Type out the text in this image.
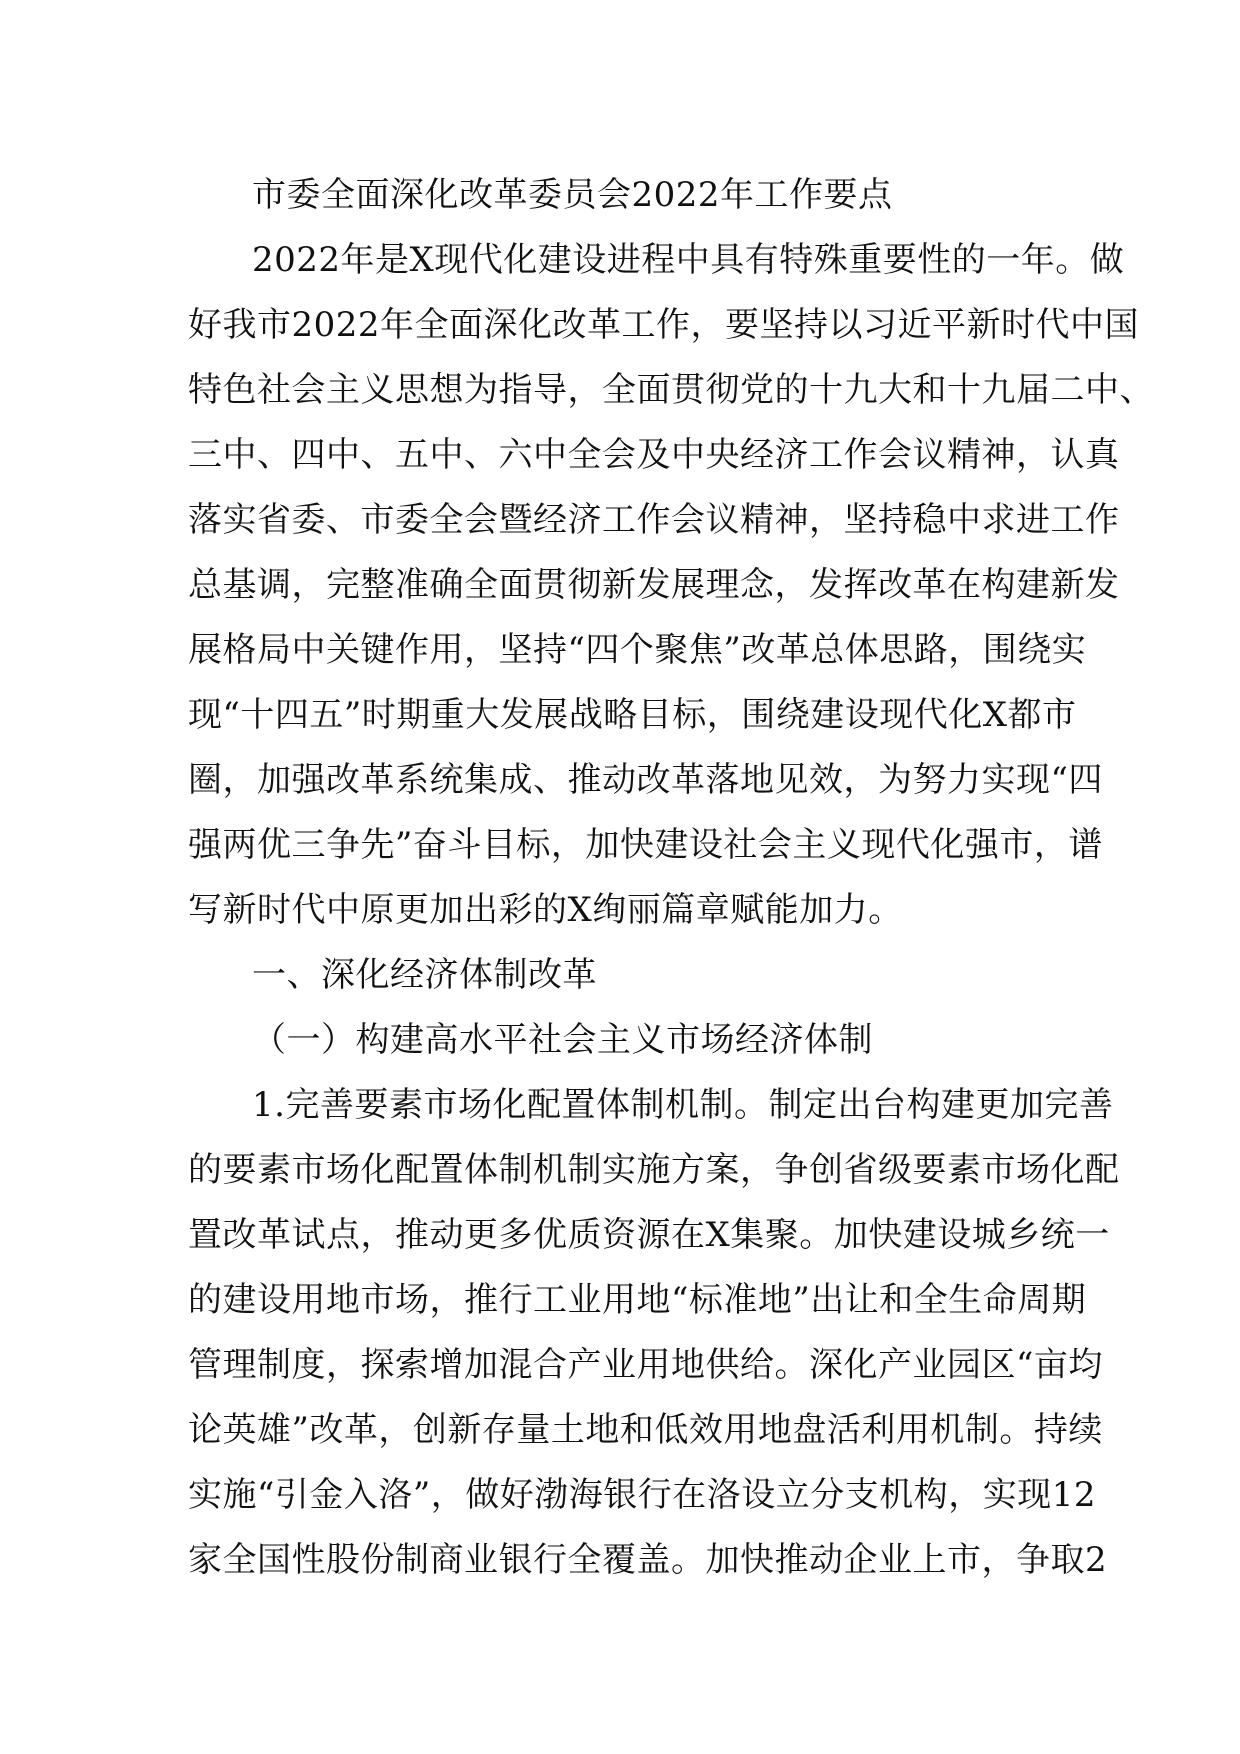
市委全面深化改革委员会2022年工作要点
2022年是X现代化建设进程中具有特殊重要性的一年。做
好我市2022年全面深化改革工作，要坚持以习近平新时代中国
特色社会主义思想为指导，全面贯彻党的十九大和十九届二中、
三中、四中、五中、六中全会及中央经济工作会议精神，认真
落实省委、市委全会暨经济工作会议精神，坚持稳中求进工作
总基调，完整准确全面贯彻新发展理念，发挥改革在构建新发
展格局中关键作用，坚持“四个聚焦”改革总体思路，围绕实
现“十四五”时期重大发展战略目标，围绕建设现代化X都市
圈，加强改革系统集成、推动改革落地见效，为努力实现“四
强两优三争先”奋斗目标，加快建设社会主义现代化强市，谱
写新时代中原更加出彩的X绚丽篇章赋能加力。
一、深化经济体制改革
（一）构建高水平社会主义市场经济体制
1.完善要素市场化配置体制机制。制定出台构建更加完善
的要素市场化配置体制机制实施方案，争创省级要素市场化配
置改革试点，推动更多优质资源在X集聚。加快建设城乡统一
的建设用地市场，推行工业用地“标准地”出让和全生命周期
管理制度，探索增加混合产业用地供给。深化产业园区“亩均
论英雄”改革，创新存量土地和低效用地盘活利用机制。持续
实施“引金入洛”，做好渤海银行在洛设立分支机构，实现12
家全国性股份制商业银行全覆盖。加快推动企业上市，争取2
